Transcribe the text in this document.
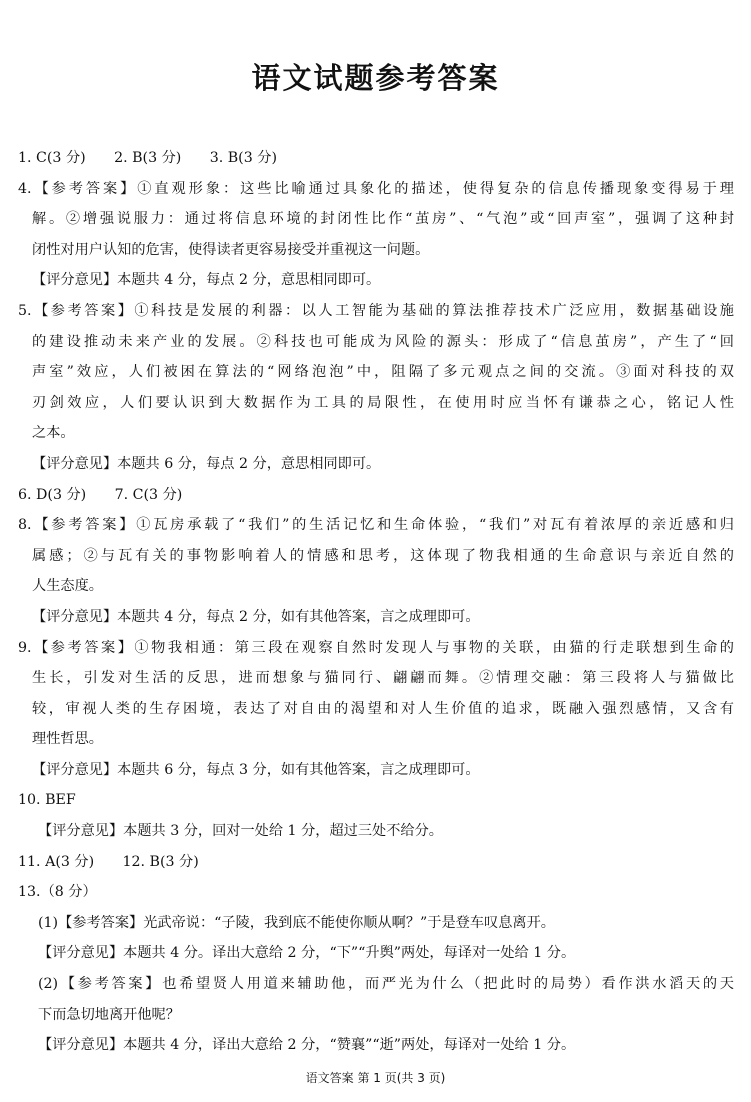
语文试题参考答案
1. C(3 分)　　2. B(3 分)　　3. B(3 分)
4.【参考答案】①直观形象：这些比喻通过具象化的描述，使得复杂的信息传播现象变得易于理
解。②增强说服力：通过将信息环境的封闭性比作“茧房”、“气泡”或“回声室”，强调了这种封
闭性对用户认知的危害，使得读者更容易接受并重视这一问题。
【评分意见】本题共 4 分，每点 2 分，意思相同即可。
5.【参考答案】①科技是发展的利器：以人工智能为基础的算法推荐技术广泛应用，数据基础设施
的建设推动未来产业的发展。②科技也可能成为风险的源头：形成了“信息茧房”，产生了“回
声室”效应，人们被困在算法的“网络泡泡”中，阻隔了多元观点之间的交流。③面对科技的双
刃剑效应，人们要认识到大数据作为工具的局限性，在使用时应当怀有谦恭之心，铭记人性
之本。
【评分意见】本题共 6 分，每点 2 分，意思相同即可。
6. D(3 分)　　7. C(3 分)
8.【参考答案】①瓦房承载了“我们”的生活记忆和生命体验，“我们”对瓦有着浓厚的亲近感和归
属感；②与瓦有关的事物影响着人的情感和思考，这体现了物我相通的生命意识与亲近自然的
人生态度。
【评分意见】本题共 4 分，每点 2 分，如有其他答案，言之成理即可。
9.【参考答案】①物我相通：第三段在观察自然时发现人与事物的关联，由猫的行走联想到生命的
生长，引发对生活的反思，进而想象与猫同行、翩翩而舞。②情理交融：第三段将人与猫做比
较，审视人类的生存困境，表达了对自由的渴望和对人生价值的追求，既融入强烈感情，又含有
理性哲思。
【评分意见】本题共 6 分，每点 3 分，如有其他答案，言之成理即可。
10. BEF
【评分意见】本题共 3 分，回对一处给 1 分，超过三处不给分。
11. A(3 分)　　12. B(3 分)
13.（8 分）
(1)【参考答案】光武帝说：“子陵，我到底不能使你顺从啊？”于是登车叹息离开。
【评分意见】本题共 4 分。译出大意给 2 分，“下”“升舆”两处，每译对一处给 1 分。
(2)【参考答案】也希望贤人用道来辅助他，而严光为什么（把此时的局势）看作洪水滔天的天
下而急切地离开他呢？
【评分意见】本题共 4 分，译出大意给 2 分，“赞襄”“逝”两处，每译对一处给 1 分。
语文答案 第 1 页(共 3 页)
